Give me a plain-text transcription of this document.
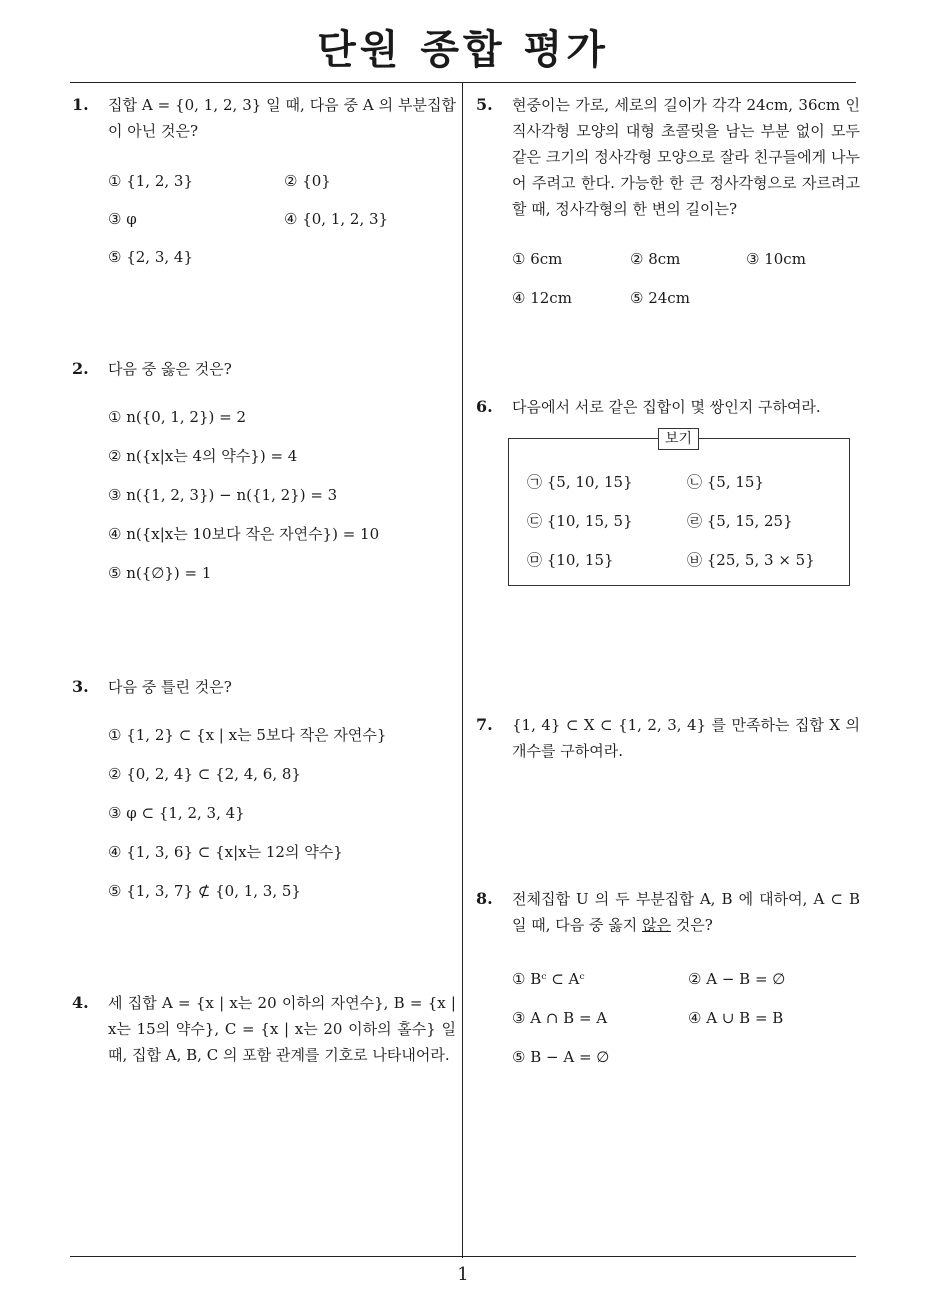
단원 종합 평가
1. 집합 A = {0, 1, 2, 3} 일 때, 다음 중 A 의 부분집합이 아닌 것은?
① {1, 2, 3}	② {0}
③ φ	④ {0, 1, 2, 3}
⑤ {2, 3, 4}
2. 다음 중 옳은 것은?
① n({0, 1, 2}) = 2
② n({x|x는 4의 약수}) = 4
③ n({1, 2, 3}) − n({1, 2}) = 3
④ n({x|x는 10보다 작은 자연수}) = 10
⑤ n({∅}) = 1
3. 다음 중 틀린 것은?
① {1, 2} ⊂ {x | x는 5보다 작은 자연수}
② {0, 2, 4} ⊂ {2, 4, 6, 8}
③ φ ⊂ {1, 2, 3, 4}
④ {1, 3, 6} ⊂ {x|x는 12의 약수}
⑤ {1, 3, 7} ⊄ {0, 1, 3, 5}
4. 세 집합 A = {x | x는 20 이하의 자연수}, B = {x | x는 15의 약수}, C = {x | x는 20 이하의 홀수} 일 때, 집합 A, B, C 의 포함 관계를 기호로 나타내어라.
5. 현중이는 가로, 세로의 길이가 각각 24cm, 36cm 인 직사각형 모양의 대형 초콜릿을 남는 부분 없이 모두 같은 크기의 정사각형 모양으로 잘라 친구들에게 나누어 주려고 한다. 가능한 한 큰 정사각형으로 자르려고 할 때, 정사각형의 한 변의 길이는?
① 6cm	② 8cm	③ 10cm
④ 12cm	⑤ 24cm
6. 다음에서 서로 같은 집합이 몇 쌍인지 구하여라.
보기
㉠ {5, 10, 15}	㉡ {5, 15}
㉢ {10, 15, 5}	㉣ {5, 15, 25}
㉤ {10, 15}	㉥ {25, 5, 3 × 5}
7. {1, 4} ⊂ X ⊂ {1, 2, 3, 4} 를 만족하는 집합 X 의 개수를 구하여라.
8. 전체집합 U 의 두 부분집합 A, B 에 대하여, A ⊂ B 일 때, 다음 중 옳지 않은 것은?
① Bᶜ ⊂ Aᶜ	② A − B = ∅
③ A ∩ B = A	④ A ∪ B = B
⑤ B − A = ∅
1
